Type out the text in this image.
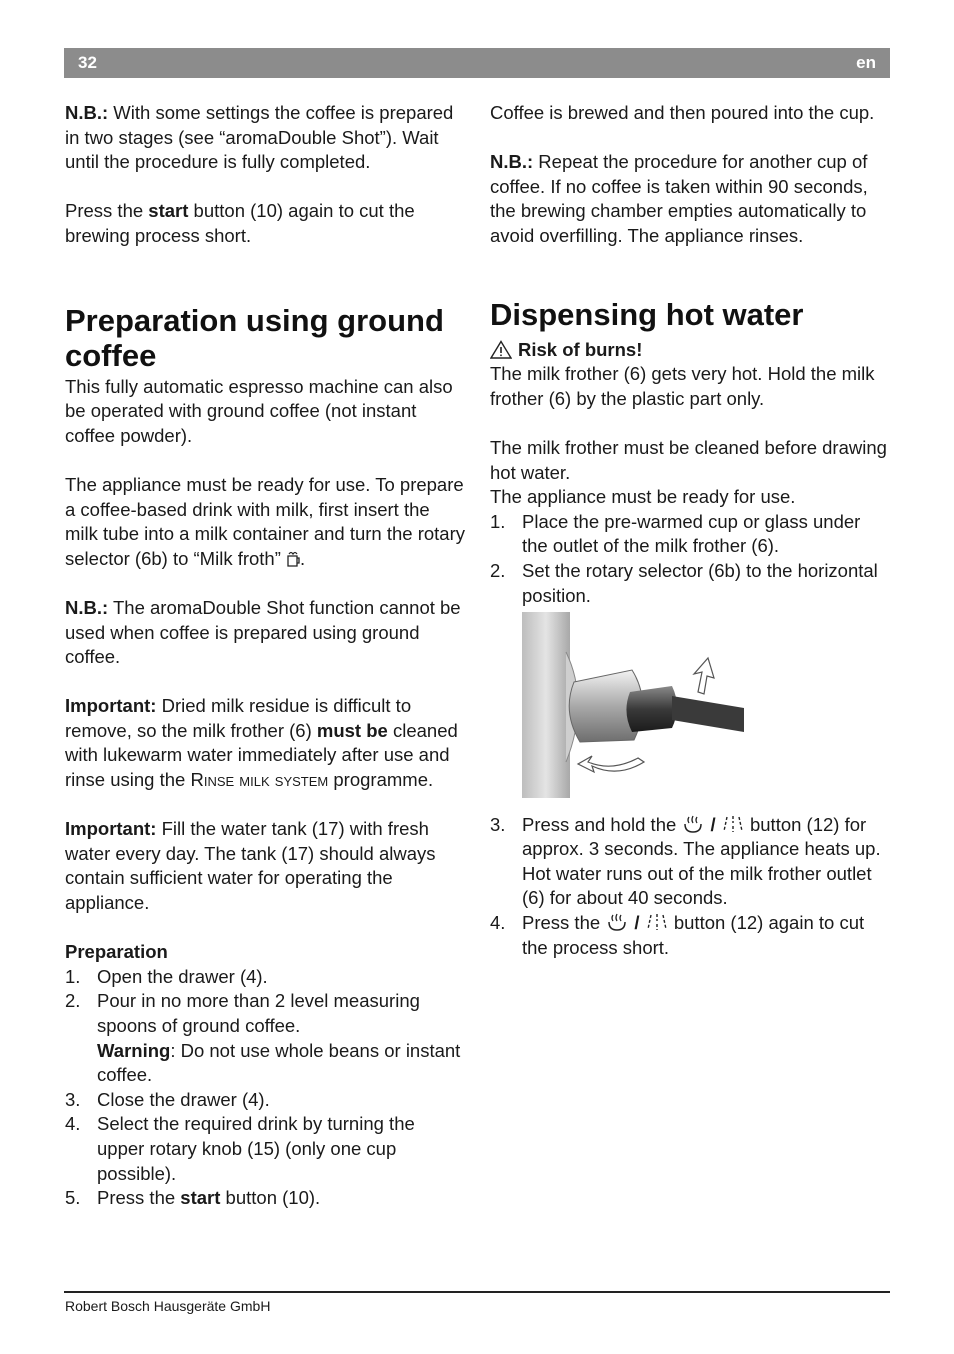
32	en

N.B.: With some settings the coffee is prepared in two stages (see “aromaDouble Shot”). Wait until the procedure is fully completed.

Press the start button (10) again to cut the brewing process short.

Preparation using ground coffee

This fully automatic espresso machine can also be operated with ground coffee (not instant coffee powder).

The appliance must be ready for use. To prepare a coffee-based drink with milk, first insert the milk tube into a milk container and turn the rotary selector (6b) to “Milk froth” .

N.B.: The aromaDouble Shot function cannot be used when coffee is prepared using ground coffee.

Important: Dried milk residue is difficult to remove, so the milk frother (6) must be cleaned with lukewarm water immediately after use and rinse using the Rinse milk system programme.

Important: Fill the water tank (17) with fresh water every day. The tank (17) should always contain sufficient water for operating the appliance.

Preparation

1. Open the drawer (4).
2. Pour in no more than 2 level measuring spoons of ground coffee.
Warning: Do not use whole beans or instant coffee.
3. Close the drawer (4).
4. Select the required drink by turning the upper rotary knob (15) (only one cup possible).
5. Press the start button (10).

Coffee is brewed and then poured into the cup.

N.B.: Repeat the procedure for another cup of coffee. If no coffee is taken within 90 seconds, the brewing chamber empties automatically to avoid overfilling. The appliance rinses.

Dispensing hot water
Risk of burns!

The milk frother (6) gets very hot. Hold the milk frother (6) by the plastic part only.

The milk frother must be cleaned before drawing hot water.

The appliance must be ready for use.

1. Place the pre-warmed cup or glass under the outlet of the milk frother (6).
2. Set the rotary selector (6b) to the horizontal position.
3. Press and hold the  /  button (12) for approx. 3 seconds. The appliance heats up. Hot water runs out of the milk frother outlet (6) for about 40 seconds.
4. Press the  /  button (12) again to cut the process short.
Robert Bosch Hausgeräte GmbH
